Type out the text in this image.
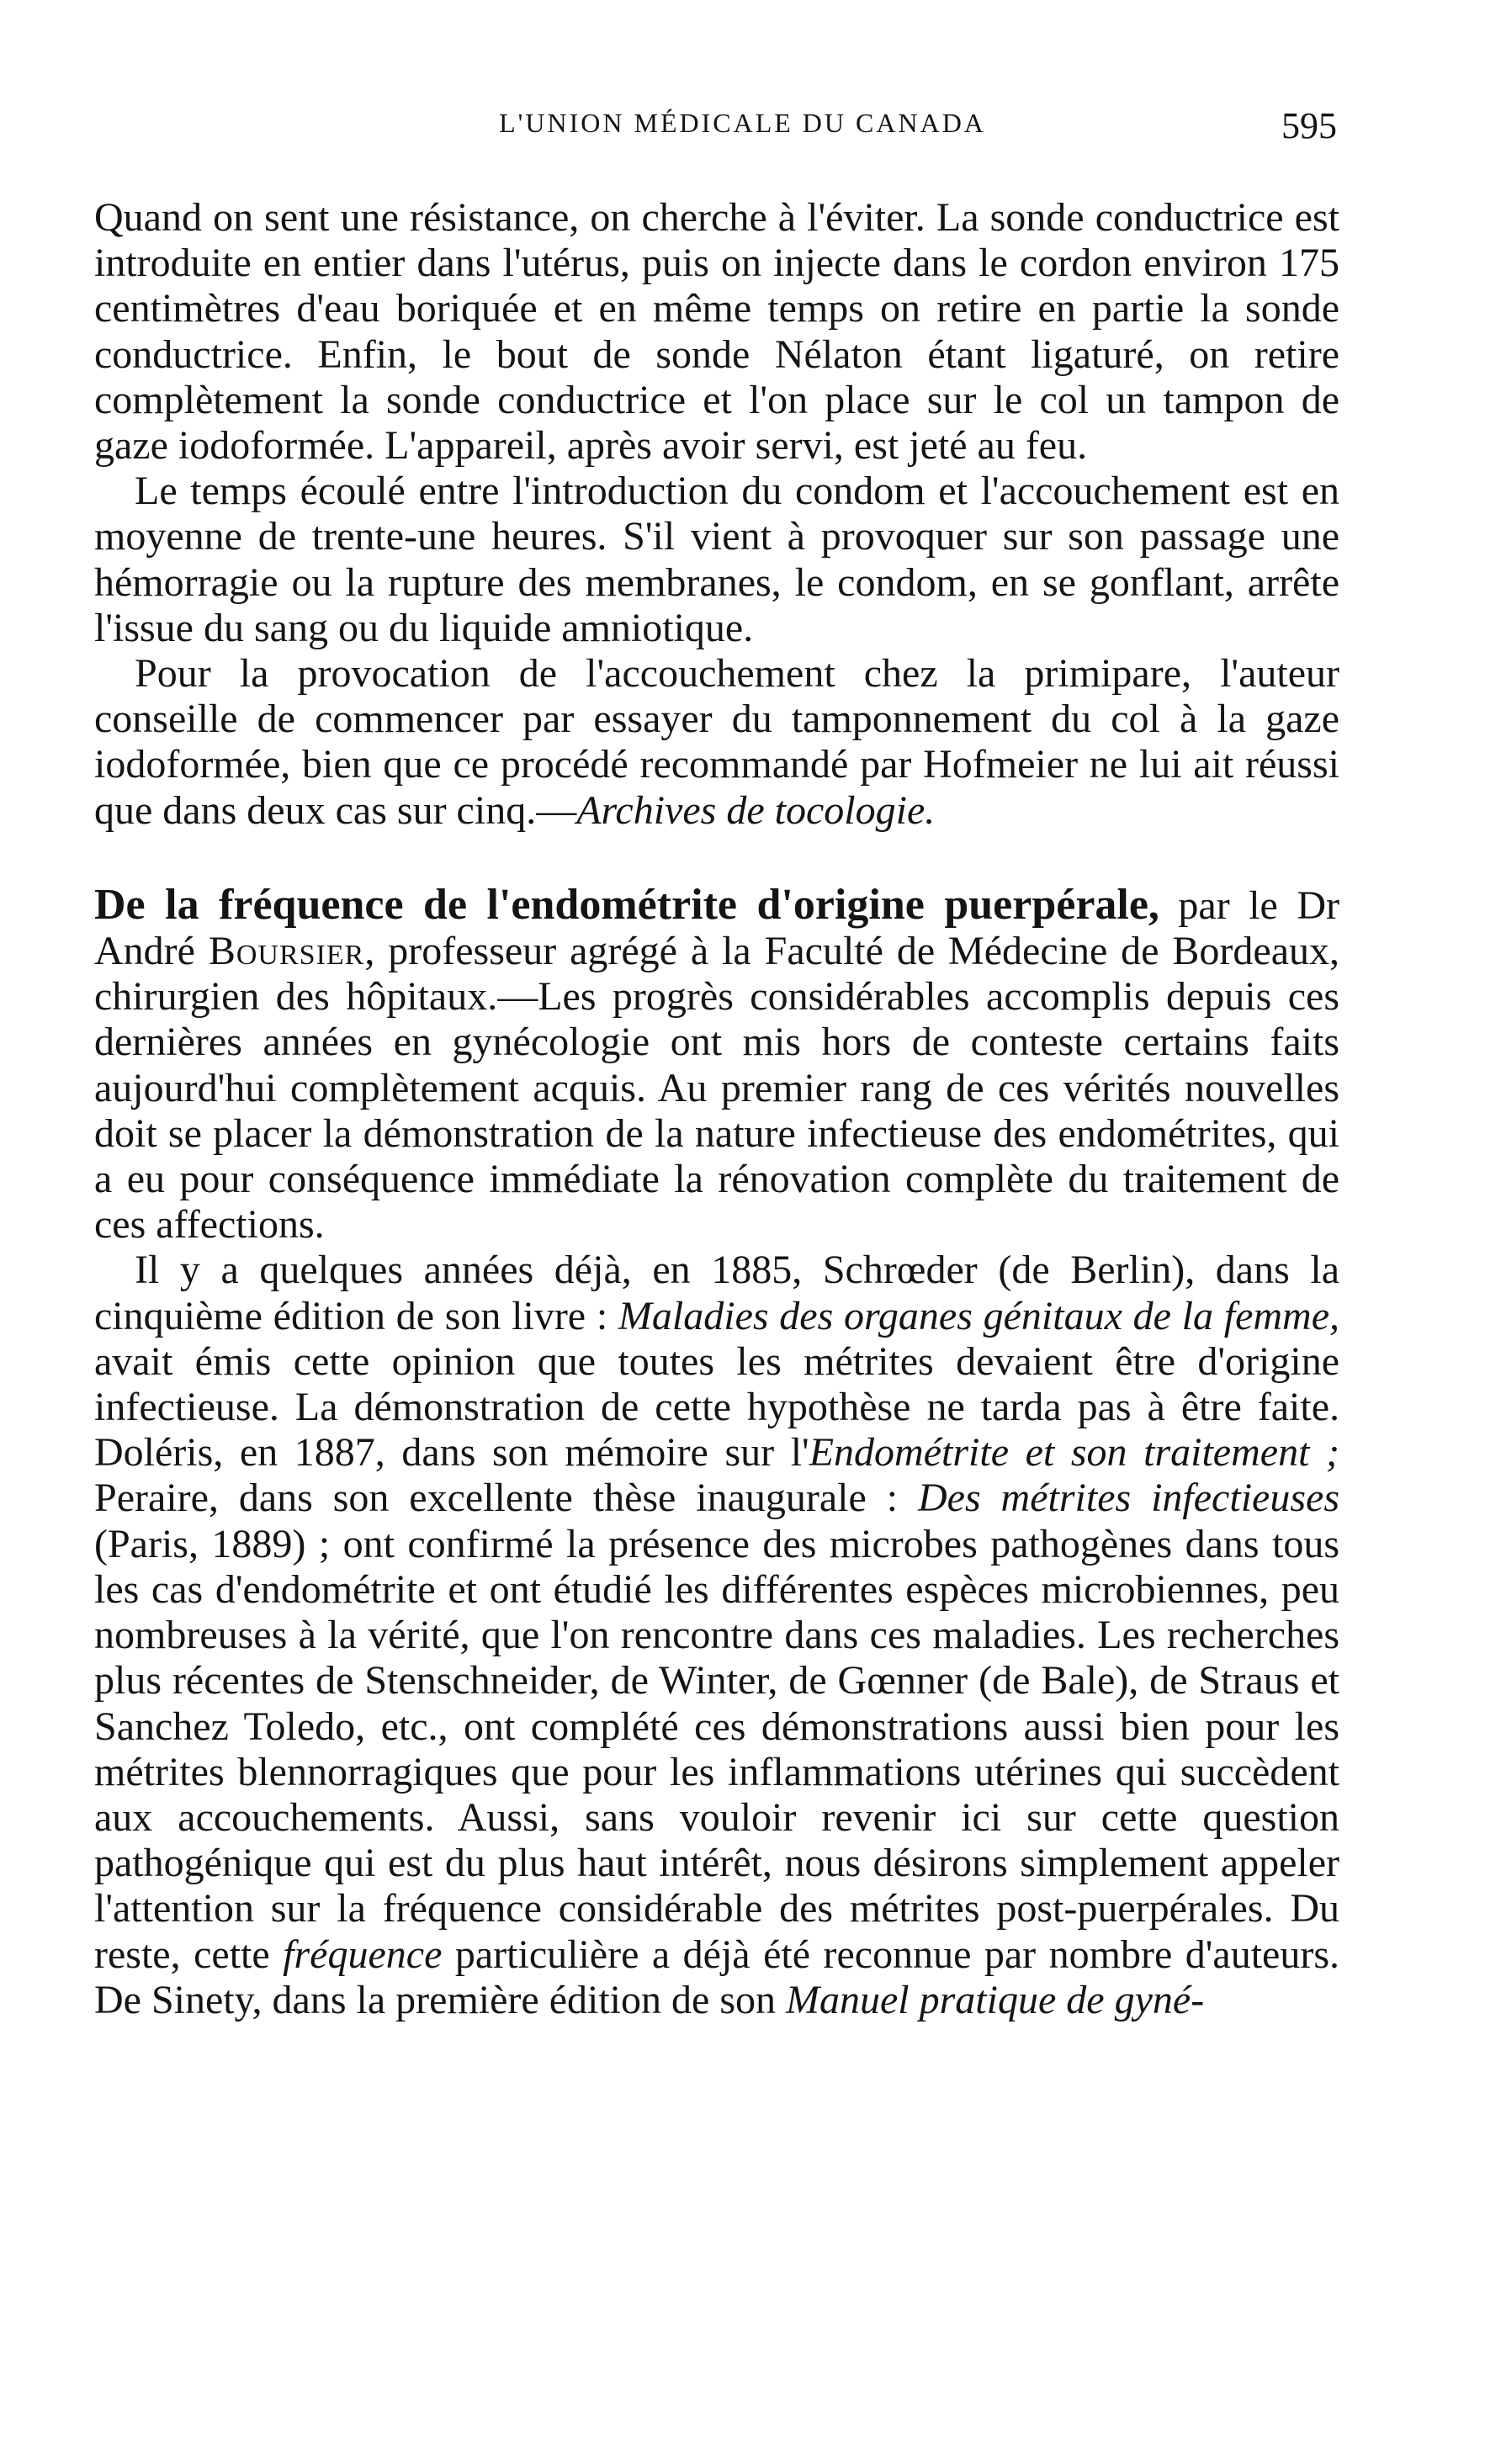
L'UNION MÉDICALE DU CANADA	595

Quand on sent une résistance, on cherche à l'éviter. La sonde conductrice est introduite en entier dans l'utérus, puis on injecte dans le cordon environ 175 centimètres d'eau boriquée et en même temps on retire en partie la sonde conductrice. Enfin, le bout de sonde Nélaton étant ligaturé, on retire complètement la sonde conductrice et l'on place sur le col un tampon de gaze iodoformée. L'appareil, après avoir servi, est jeté au feu.

Le temps écoulé entre l'introduction du condom et l'accouchement est en moyenne de trente-une heures. S'il vient à provoquer sur son passage une hémorragie ou la rupture des membranes, le condom, en se gonflant, arrête l'issue du sang ou du liquide amniotique.

Pour la provocation de l'accouchement chez la primipare, l'auteur conseille de commencer par essayer du tamponnement du col à la gaze iodoformée, bien que ce procédé recommandé par Hofmeier ne lui ait réussi que dans deux cas sur cinq.—Archives de tocologie.

De la fréquence de l'endométrite d'origine puerpérale, par le Dr André Boursier, professeur agrégé à la Faculté de Médecine de Bordeaux, chirurgien des hôpitaux.—Les progrès considérables accomplis depuis ces dernières années en gynécologie ont mis hors de conteste certains faits aujourd'hui complètement acquis. Au premier rang de ces vérités nouvelles doit se placer la démonstration de la nature infectieuse des endométrites, qui a eu pour conséquence immédiate la rénovation complète du traitement de ces affections.

Il y a quelques années déjà, en 1885, Schrœder (de Berlin), dans la cinquième édition de son livre : Maladies des organes génitaux de la femme, avait émis cette opinion que toutes les métrites devaient être d'origine infectieuse. La démonstration de cette hypothèse ne tarda pas à être faite. Doléris, en 1887, dans son mémoire sur l'Endométrite et son traitement ; Peraire, dans son excellente thèse inaugurale : Des métrites infectieuses (Paris, 1889) ; ont confirmé la présence des microbes pathogènes dans tous les cas d'endométrite et ont étudié les différentes espèces microbiennes, peu nombreuses à la vérité, que l'on rencontre dans ces maladies. Les recherches plus récentes de Stenschneider, de Winter, de Gœnner (de Bale), de Straus et Sanchez Toledo, etc., ont complété ces démonstrations aussi bien pour les métrites blennorragiques que pour les inflammations utérines qui succèdent aux accouchements. Aussi, sans vouloir revenir ici sur cette question pathogénique qui est du plus haut intérêt, nous désirons simplement appeler l'attention sur la fréquence considérable des métrites post-puerpérales. Du reste, cette fréquence particulière a déjà été reconnue par nombre d'auteurs. De Sinety, dans la première édition de son Manuel pratique de gyné-
